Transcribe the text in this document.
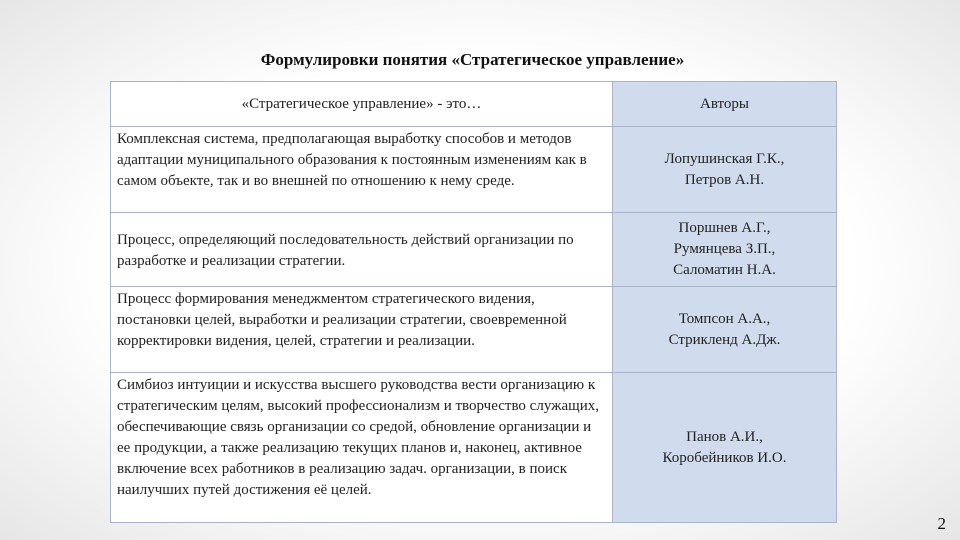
Формулировки понятия «Стратегическое управление»
«Стратегическое управление» - это…	Авторы
Комплексная система, предполагающая выработку способов и методов адаптации муниципального образования к постоянным изменениям как в самом объекте, так и во внешней по отношению к нему среде.	Лопушинская Г.К.,
Петров А.Н.
Процесс, определяющий последовательность действий организации по разработке и реализации стратегии.	Поршнев А.Г.,
Румянцева З.П.,
Саломатин Н.А.
Процесс формирования менеджментом стратегического видения, постановки целей, выработки и реализации стратегии, своевременной корректировки видения, целей, стратегии и реализации.	Томпсон А.А.,
Стрикленд А.Дж.
Симбиоз интуиции и искусства высшего руководства вести организацию к стратегическим целям, высокий профессионализм и творчество служащих, обеспечивающие связь организации со средой, обновление организации и ее продукции, а также реализацию текущих планов и, наконец, активное включение всех работников в реализацию задач. организации, в поиск наилучших путей достижения её целей.	Панов А.И.,
Коробейников И.О.
2
